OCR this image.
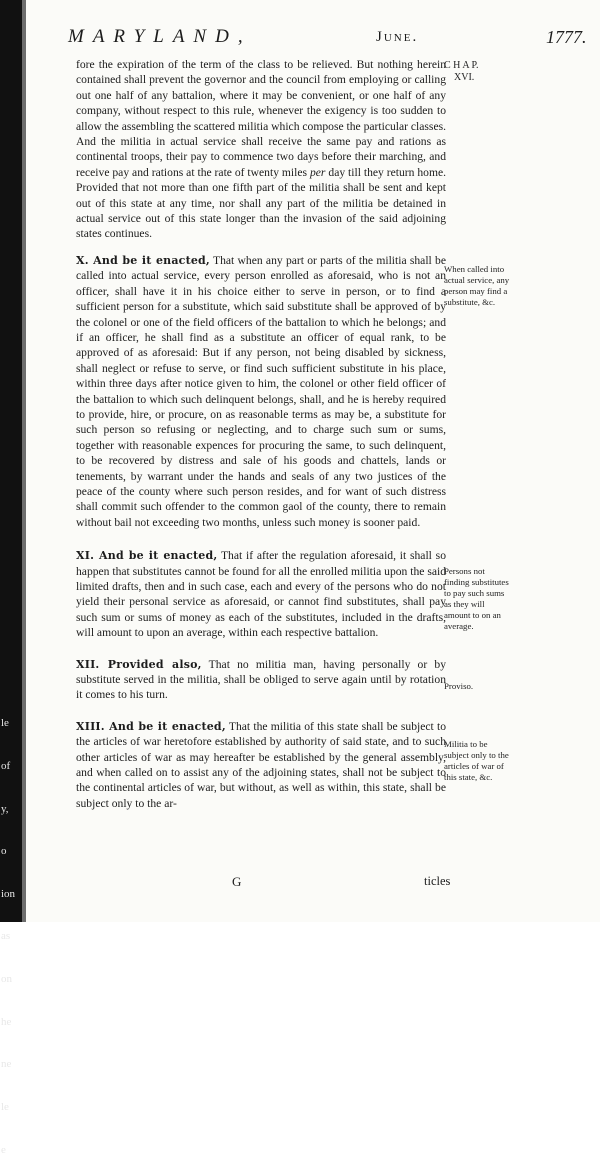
le

of

y,

o

ion

as

on

he

ne

le

e

MARYLAND,	June.	1777.

fore the expiration of the term of the class to be relieved. But nothing herein contained shall prevent the governor and the council from employing or calling out one half of any battalion, where it may be convenient, or one half of any company, without respect to this rule, whenever the exigency is too sudden to allow the assembling the scattered militia which compose the particular classes. And the militia in actual service shall receive the same pay and rations as continental troops, their pay to commence two days before their marching, and receive pay and rations at the rate of twenty miles per day till they return home. Provided that not more than one fifth part of the militia shall be sent and kept out of this state at any time, nor shall any part of the militia be detained in actual service out of this state longer than the invasion of the said adjoining states continues.

X. And be it enacted, That when any part or parts of the militia shall be called into actual service, every person enrolled as aforesaid, who is not an officer, shall have it in his choice either to serve in person, or to find a sufficient person for a substitute, which said substitute shall be approved of by the colonel or one of the field officers of the battalion to which he belongs; and if an officer, he shall find as a substitute an officer of equal rank, to be approved of as aforesaid: But if any person, not being disabled by sickness, shall neglect or refuse to serve, or find such sufficient substitute in his place, within three days after notice given to him, the colonel or other field officer of the battalion to which such delinquent belongs, shall, and he is hereby required to provide, hire, or procure, on as reasonable terms as may be, a substitute for such person so refusing or neglecting, and to charge such sum or sums, together with reasonable expences for procuring the same, to such delinquent, to be recovered by distress and sale of his goods and chattels, lands or tenements, by warrant under the hands and seals of any two justices of the peace of the county where such person resides, and for want of such distress shall commit such offender to the common gaol of the county, there to remain without bail not exceeding two months, unless such money is sooner paid.

XI. And be it enacted, That if after the regulation aforesaid, it shall so happen that substitutes cannot be found for all the enrolled militia upon the said limited drafts, then and in such case, each and every of the persons who do not yield their personal service as aforesaid, or cannot find substitutes, shall pay such sum or sums of money as each of the substitutes, included in the drafts, will amount to upon an average, within each respective battalion.

XII. Provided also, That no militia man, having personally or by substitute served in the militia, shall be obliged to serve again until by rotation it comes to his turn.

XIII. And be it enacted, That the militia of this state shall be subject to the articles of war heretofore established by authority of said state, and to such other articles of war as may hereafter be established by the general assembly, and when called on to assist any of the adjoining states, shall not be subject to the continental articles of war, but without, as well as within, this state, shall be subject only to the ar-

C H A P.
XVI.
When called into actual service, any person may find a substitute, &c.
Persons not finding substitutes to pay such sums as they will amount to on an average.
Proviso.
Militia to be subject only to the articles of war of this state, &c.
G	ticles
